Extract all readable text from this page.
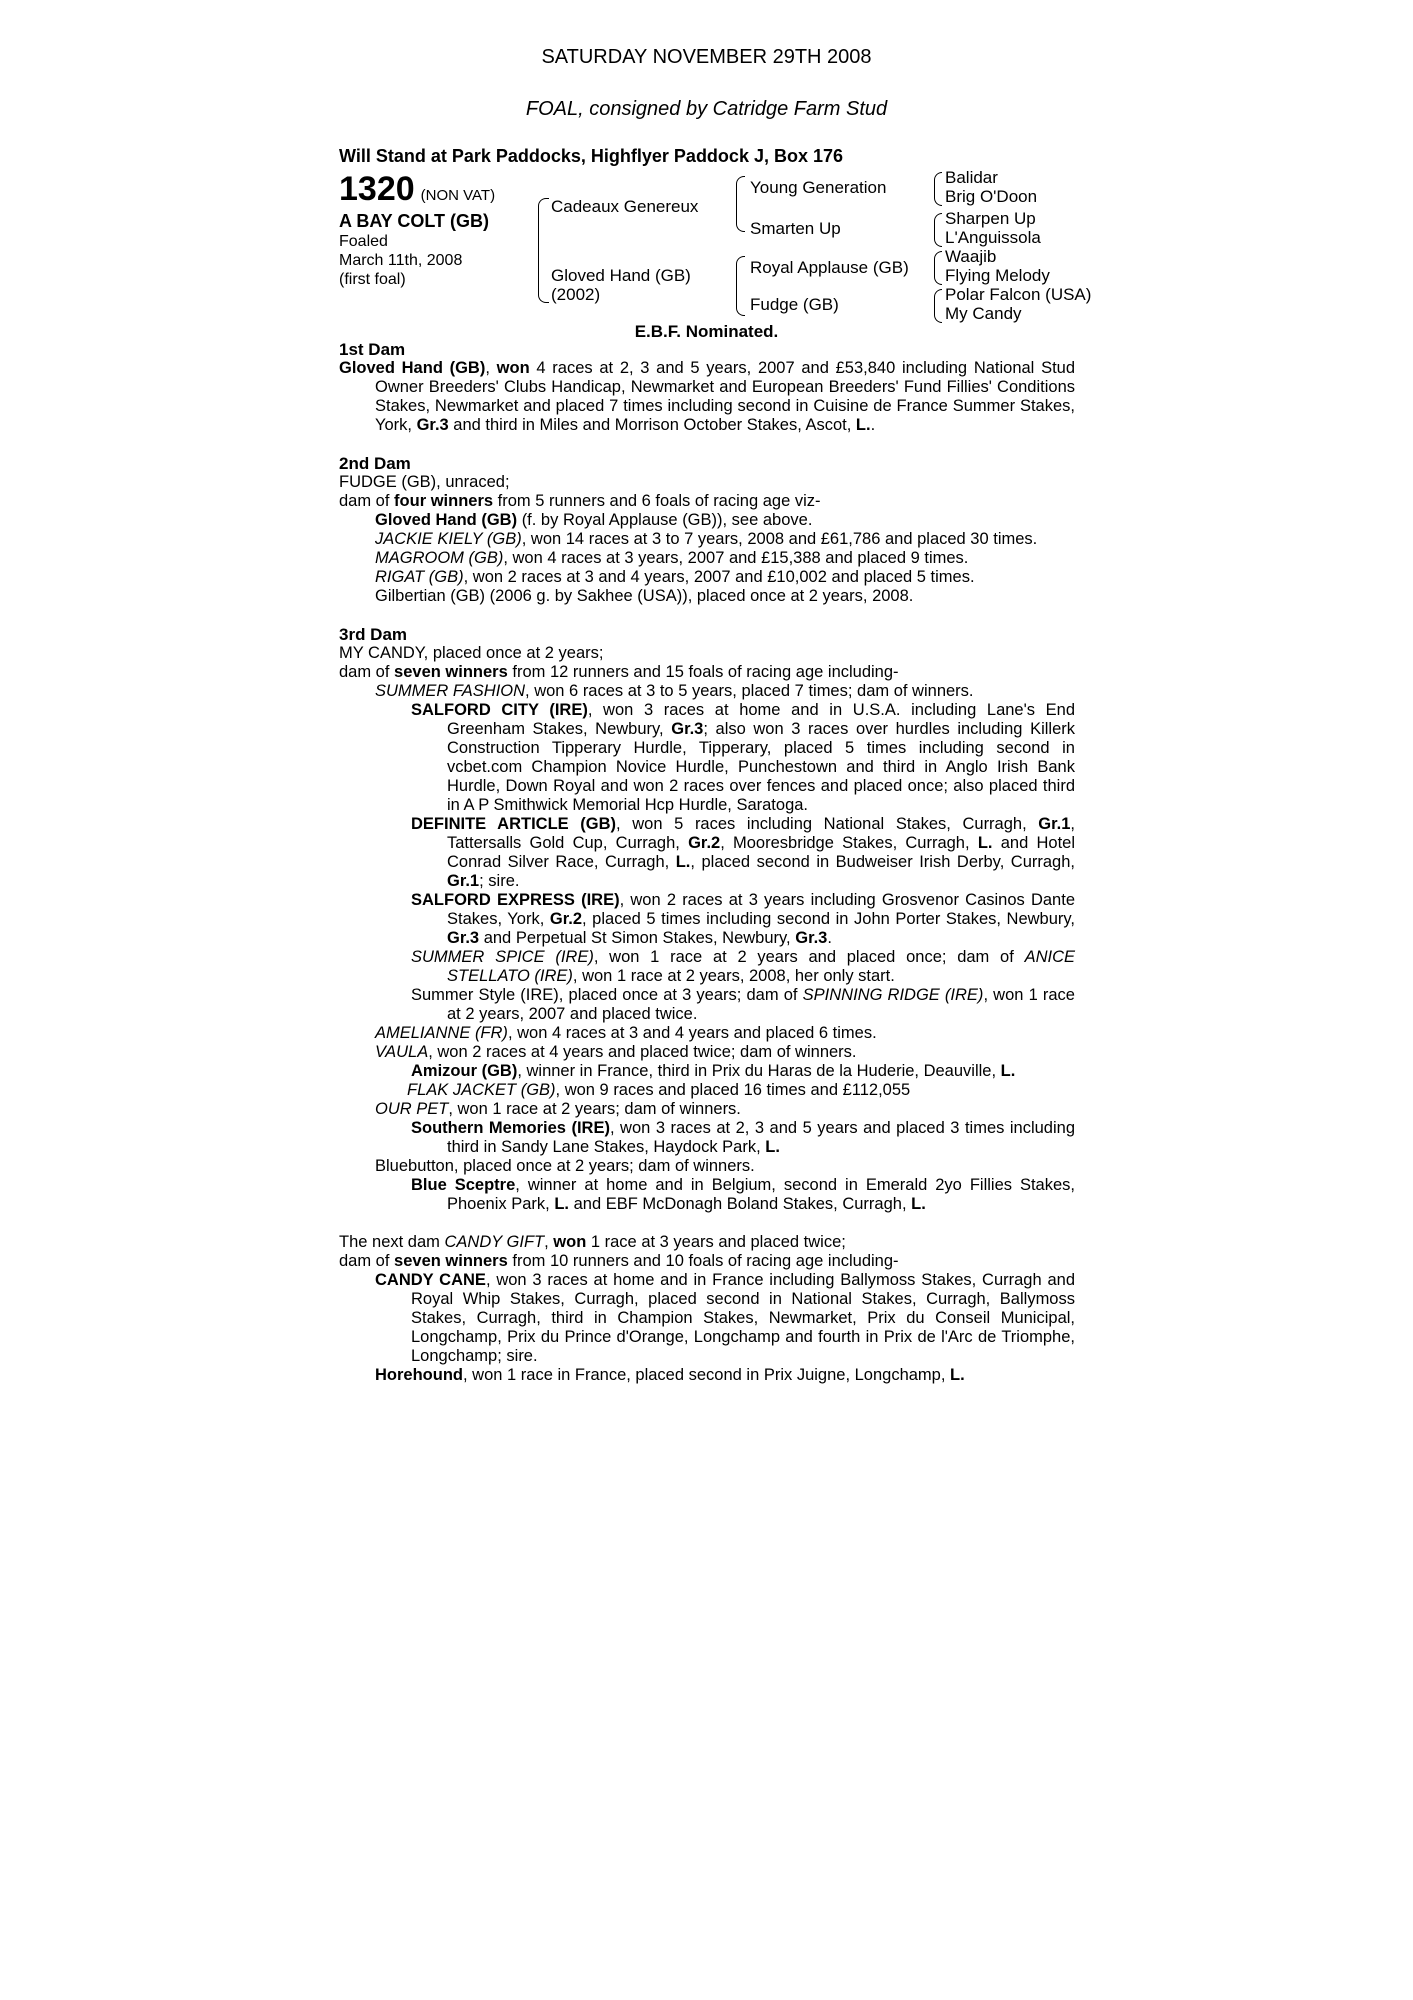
SATURDAY NOVEMBER 29TH 2008
FOAL, consigned by Catridge Farm Stud
Will Stand at Park Paddocks, Highflyer Paddock J, Box 176
1320 (NON VAT)
A BAY COLT (GB)
Foaled
March 11th, 2008
(first foal)
Cadeaux Genereux
Gloved Hand (GB)
(2002)
Young Generation
Smarten Up
Royal Applause (GB)
Fudge (GB)
Balidar
Brig O'Doon
Sharpen Up
L'Anguissola
Waajib
Flying Melody
Polar Falcon (USA)
My Candy
E.B.F. Nominated.
1st Dam
Gloved Hand (GB), won 4 races at 2, 3 and 5 years, 2007 and £53,840 including National Stud Owner Breeders' Clubs Handicap, Newmarket and European Breeders' Fund Fillies' Conditions Stakes, Newmarket and placed 7 times including second in Cuisine de France Summer Stakes, York, Gr.3 and third in Miles and Morrison October Stakes, Ascot, L..
2nd Dam
FUDGE (GB), unraced;
dam of four winners from 5 runners and 6 foals of racing age viz-
Gloved Hand (GB) (f. by Royal Applause (GB)), see above.
JACKIE KIELY (GB), won 14 races at 3 to 7 years, 2008 and £61,786 and placed 30 times.
MAGROOM (GB), won 4 races at 3 years, 2007 and £15,388 and placed 9 times.
RIGAT (GB), won 2 races at 3 and 4 years, 2007 and £10,002 and placed 5 times.
Gilbertian (GB) (2006 g. by Sakhee (USA)), placed once at 2 years, 2008.
3rd Dam
MY CANDY, placed once at 2 years;
dam of seven winners from 12 runners and 15 foals of racing age including-
SUMMER FASHION, won 6 races at 3 to 5 years, placed 7 times; dam of winners.
SALFORD CITY (IRE), won 3 races at home and in U.S.A. including Lane's End Greenham Stakes, Newbury, Gr.3; also won 3 races over hurdles including Killerk Construction Tipperary Hurdle, Tipperary, placed 5 times including second in vcbet.com Champion Novice Hurdle, Punchestown and third in Anglo Irish Bank Hurdle, Down Royal and won 2 races over fences and placed once; also placed third in A P Smithwick Memorial Hcp Hurdle, Saratoga.
DEFINITE ARTICLE (GB), won 5 races including National Stakes, Curragh, Gr.1, Tattersalls Gold Cup, Curragh, Gr.2, Mooresbridge Stakes, Curragh, L. and Hotel Conrad Silver Race, Curragh, L., placed second in Budweiser Irish Derby, Curragh, Gr.1; sire.
SALFORD EXPRESS (IRE), won 2 races at 3 years including Grosvenor Casinos Dante Stakes, York, Gr.2, placed 5 times including second in John Porter Stakes, Newbury, Gr.3 and Perpetual St Simon Stakes, Newbury, Gr.3.
SUMMER SPICE (IRE), won 1 race at 2 years and placed once; dam of ANICE STELLATO (IRE), won 1 race at 2 years, 2008, her only start.
Summer Style (IRE), placed once at 3 years; dam of SPINNING RIDGE (IRE), won 1 race at 2 years, 2007 and placed twice.
AMELIANNE (FR), won 4 races at 3 and 4 years and placed 6 times.
VAULA, won 2 races at 4 years and placed twice; dam of winners.
Amizour (GB), winner in France, third in Prix du Haras de la Huderie, Deauville, L.
FLAK JACKET (GB), won 9 races and placed 16 times and £112,055
OUR PET, won 1 race at 2 years; dam of winners.
Southern Memories (IRE), won 3 races at 2, 3 and 5 years and placed 3 times including third in Sandy Lane Stakes, Haydock Park, L.
Bluebutton, placed once at 2 years; dam of winners.
Blue Sceptre, winner at home and in Belgium, second in Emerald 2yo Fillies Stakes, Phoenix Park, L. and EBF McDonagh Boland Stakes, Curragh, L.
The next dam CANDY GIFT, won 1 race at 3 years and placed twice;
dam of seven winners from 10 runners and 10 foals of racing age including-
CANDY CANE, won 3 races at home and in France including Ballymoss Stakes, Curragh and Royal Whip Stakes, Curragh, placed second in National Stakes, Curragh, Ballymoss Stakes, Curragh, third in Champion Stakes, Newmarket, Prix du Conseil Municipal, Longchamp, Prix du Prince d'Orange, Longchamp and fourth in Prix de l'Arc de Triomphe, Longchamp; sire.
Horehound, won 1 race in France, placed second in Prix Juigne, Longchamp, L.
